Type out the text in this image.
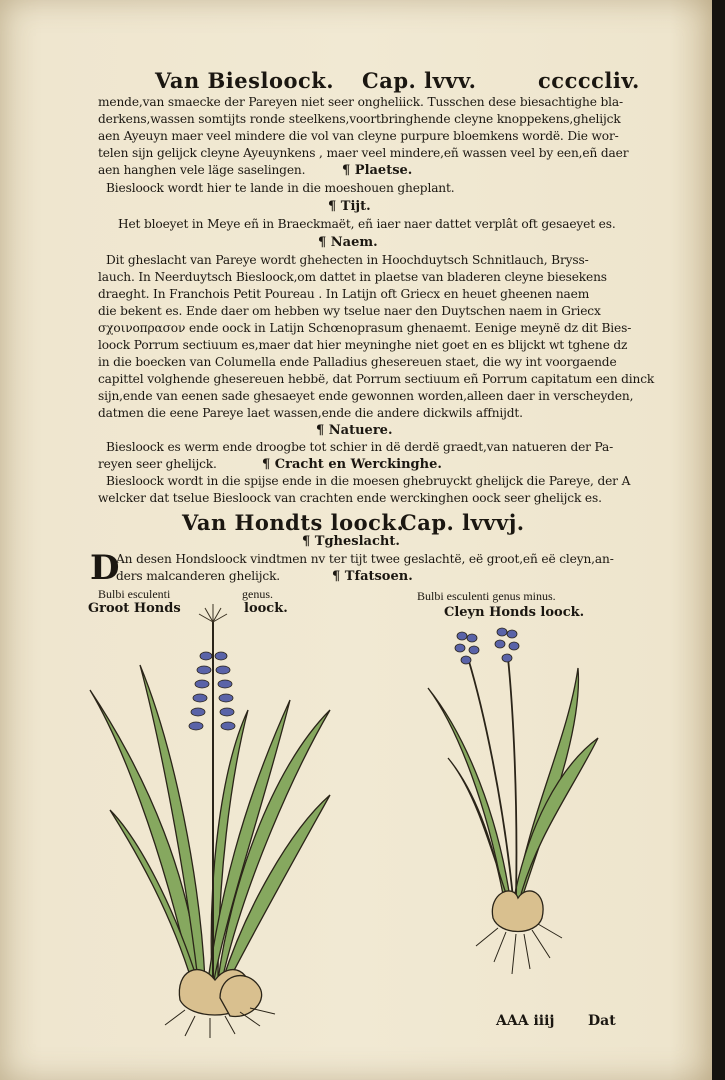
Van Biesloock. Cap. lvvv.	cccccliv.
mende,van smaecke der Pareyen niet seer ongheliick. Tusschen dese biesachtighe bla-
derkens,wassen somtijts ronde steelkens,voortbringhende cleyne knoppekens,ghelijck
aen Ayeuyn maer veel mindere die vol van cleyne purpure bloemkens wordë. Die wor-
telen sijn gelijck cleyne Ayeuynkens , maer veel mindere,eñ wassen veel by een,eñ daer
aen hanghen vele läge saselingen.	¶ Plaetse.
Biesloock wordt hier te lande in die moeshouen gheplant.
¶ Tijt.
Het bloeyet in Meye eñ in Braeckmaët, eñ iaer naer dattet verplât oft gesaeyet es.
¶ Naem.
Dit gheslacht van Pareye wordt ghehecten in Hoochduytsch Schnitlauch, Bryss-
lauch. In Neerduytsch Biesloock,om dattet in plaetse van bladeren cleyne biesekens
draeght. In Franchois Petit Poureau . In Latijn oft Griecx en heuet gheenen naem
die bekent es. Ende daer om hebben wy tselue naer den Duytschen naem in Griecx
σχοινοπρασον ende oock in Latijn Schœnoprasum ghenaemt. Eenige meynë dz dit Bies-
loock Porrum sectiuum es,maer dat hier meyninghe niet goet en es blijckt wt tghene dz
in die boecken van Columella ende Palladius ghesereuen staet, die wy int voorgaende
capittel volghende ghesereuen hebbë, dat Porrum sectiuum eñ Porrum capitatum een dinck
sijn,ende van eenen sade ghesaeyet ende gewonnen worden,alleen daer in verscheyden,
datmen die eene Pareye laet wassen,ende die andere dickwils affnijdt.
¶ Natuere.
Biesloock es werm ende droogbe tot schier in dë derdë graedt,van natueren der Pa-
reyen seer ghelijck.	¶ Cracht en Werckinghe.
Biesloock wordt in die spijse ende in die moesen ghebruyckt ghelijck die Pareye, der A
welcker dat tselue Biesloock van crachten ende werckinghen oock seer ghelijck es.
Van Hondts loock.
Cap. lvvvj.
¶ Tgheslacht.
D
An desen Hondsloock vindtmen nv ter tijt twee geslachtë, eë groot,eñ eë cleyn,an-
ders malcanderen ghelijck.	¶ Tfatsoen.
Bulbi esculenti	genus.
Groot Honds	loock.
Bulbi esculenti genus minus.
Cleyn Honds loock.
AAA iiij Dat
